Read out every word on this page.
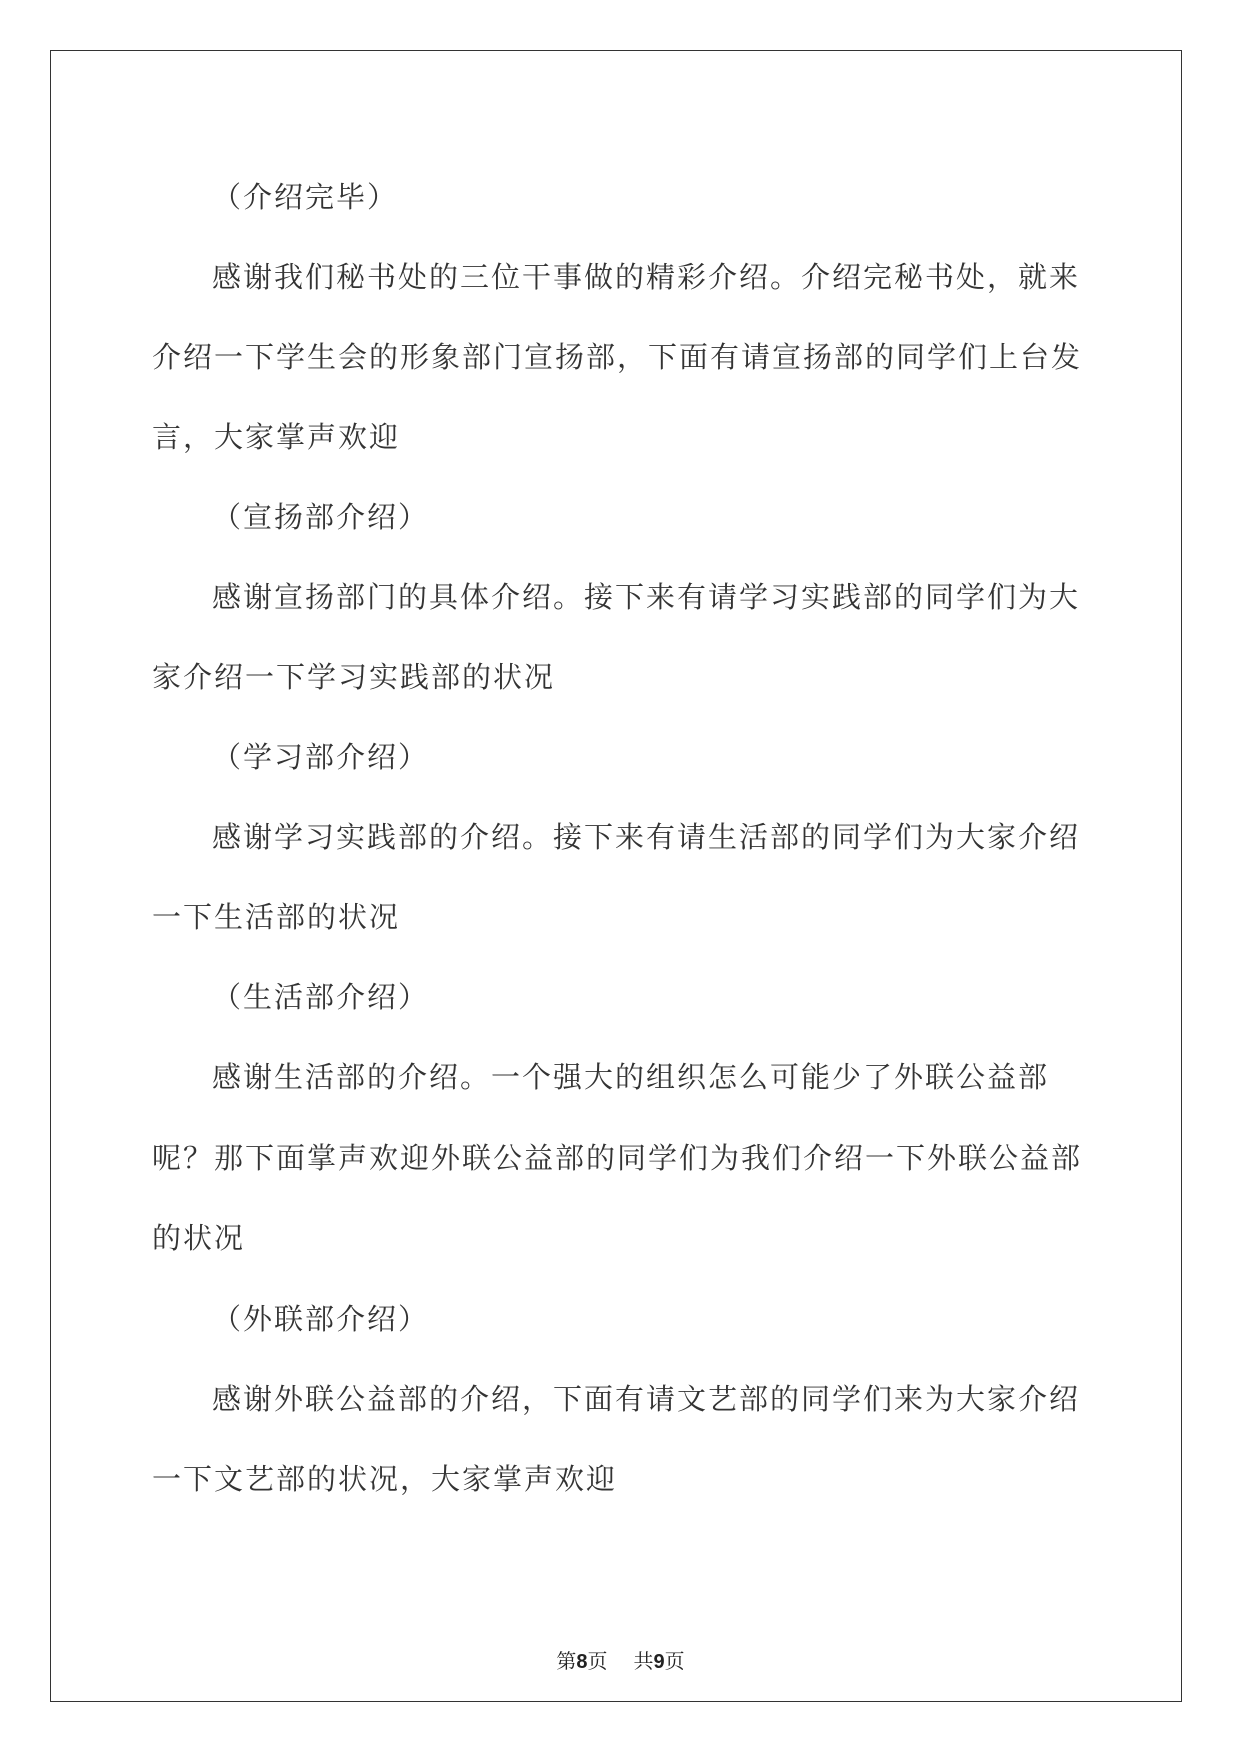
（介绍完毕）

感谢我们秘书处的三位干事做的精彩介绍。介绍完秘书处，就来介绍一下学生会的形象部门宣扬部，下面有请宣扬部的同学们上台发言，大家掌声欢迎

（宣扬部介绍）

感谢宣扬部门的具体介绍。接下来有请学习实践部的同学们为大家介绍一下学习实践部的状况

（学习部介绍）

感谢学习实践部的介绍。接下来有请生活部的同学们为大家介绍一下生活部的状况

（生活部介绍）

感谢生活部的介绍。一个强大的组织怎么可能少了外联公益部呢？那下面掌声欢迎外联公益部的同学们为我们介绍一下外联公益部的状况

（外联部介绍）

感谢外联公益部的介绍，下面有请文艺部的同学们来为大家介绍一下文艺部的状况，大家掌声欢迎

第8页 共9页
